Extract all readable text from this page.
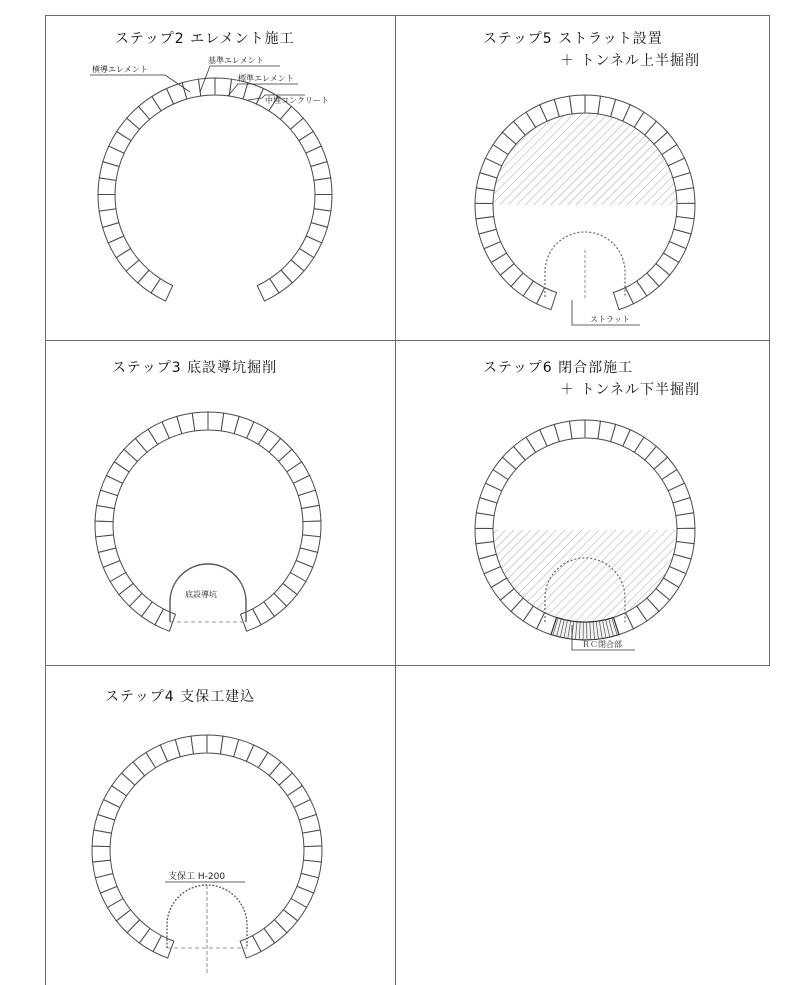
ステップ2 エレメント施工	ステップ5 ストラット設置
＋ トンネル上半掘削
ステップ3 底設導坑掘削	ステップ6 閉合部施工
＋ トンネル下半掘削
ステップ4 支保工建込
横導エレメント
基準エレメント
標準エレメント
中埋コンクリート
ストラット
底設導坑
ＲＣ閉合部
支保工 H-200
